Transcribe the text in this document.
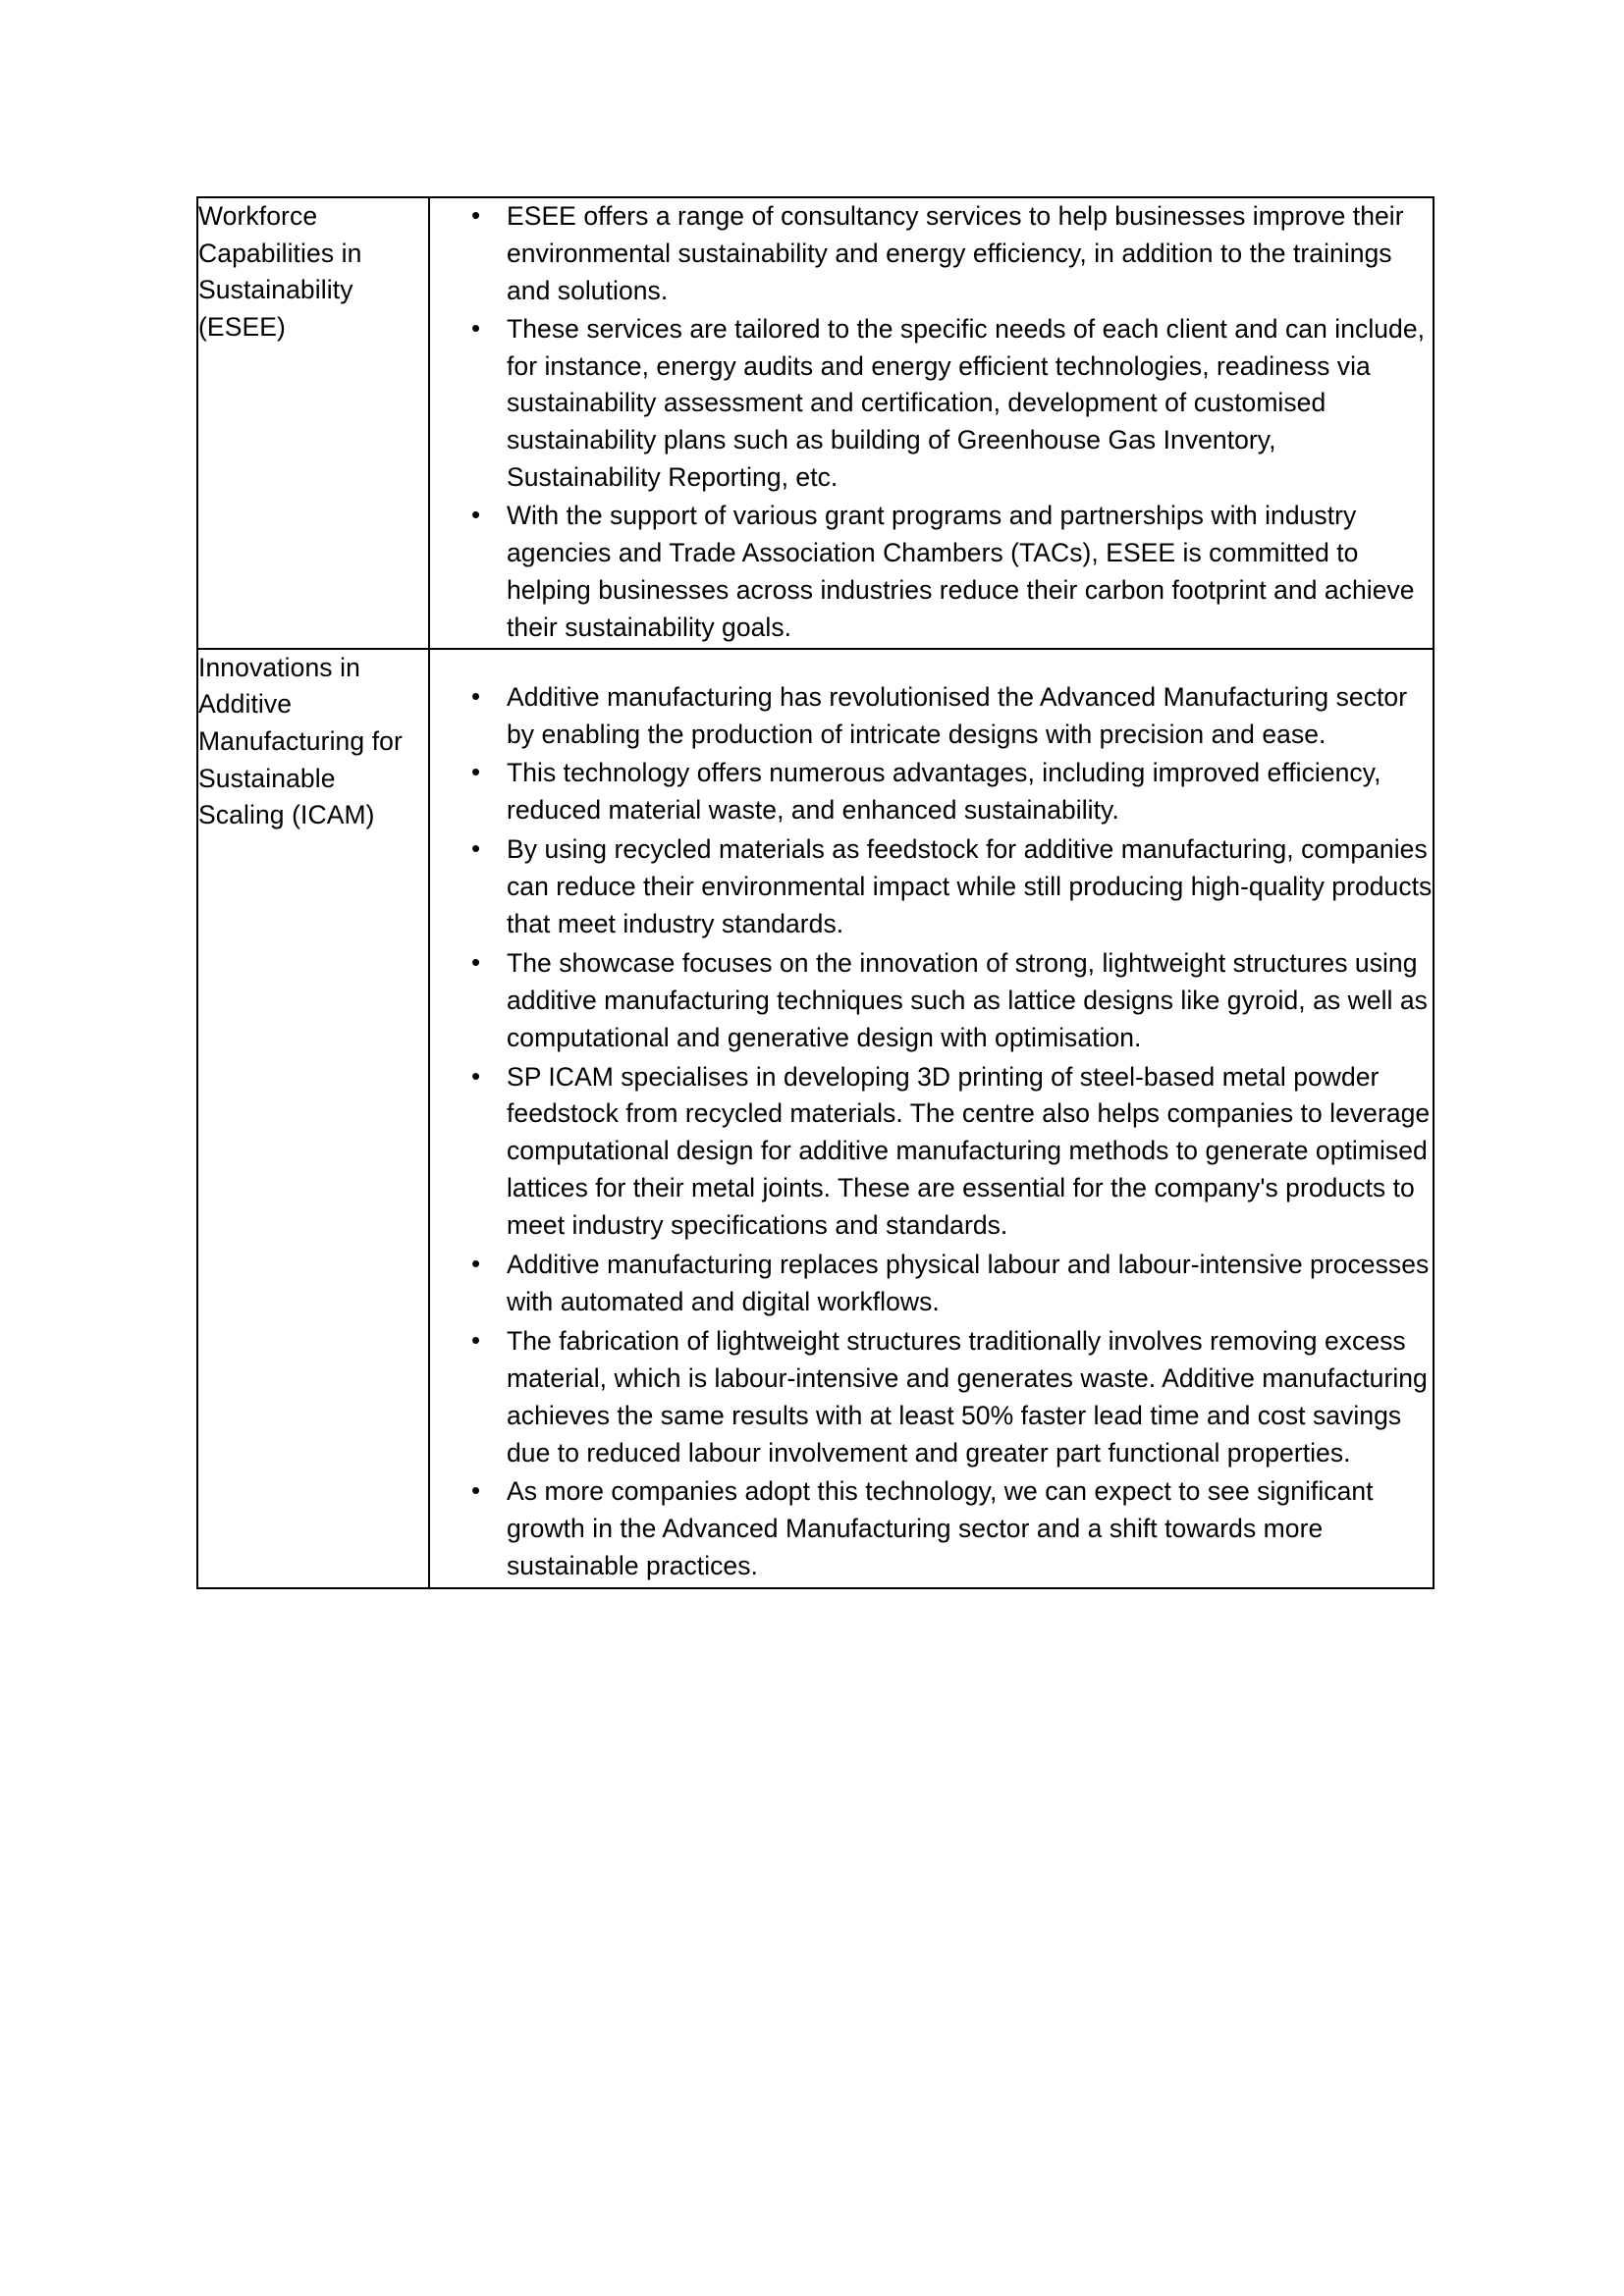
Workforce Capabilities in Sustainability (ESEE)

• ESEE offers a range of consultancy services to help businesses improve their environmental sustainability and energy efficiency, in addition to the trainings and solutions.
• These services are tailored to the specific needs of each client and can include, for instance, energy audits and energy efficient technologies, readiness via sustainability assessment and certification, development of customised sustainability plans such as building of Greenhouse Gas Inventory, Sustainability Reporting, etc.
• With the support of various grant programs and partnerships with industry agencies and Trade Association Chambers (TACs), ESEE is committed to helping businesses across industries reduce their carbon footprint and achieve their sustainability goals.

Innovations in Additive Manufacturing for Sustainable Scaling (ICAM)

• Additive manufacturing has revolutionised the Advanced Manufacturing sector by enabling the production of intricate designs with precision and ease.
• This technology offers numerous advantages, including improved efficiency, reduced material waste, and enhanced sustainability.
• By using recycled materials as feedstock for additive manufacturing, companies can reduce their environmental impact while still producing high-quality products that meet industry standards.
• The showcase focuses on the innovation of strong, lightweight structures using additive manufacturing techniques such as lattice designs like gyroid, as well as computational and generative design with optimisation.
• SP ICAM specialises in developing 3D printing of steel-based metal powder feedstock from recycled materials. The centre also helps companies to leverage computational design for additive manufacturing methods to generate optimised lattices for their metal joints. These are essential for the company's products to meet industry specifications and standards.
• Additive manufacturing replaces physical labour and labour-intensive processes with automated and digital workflows.
• The fabrication of lightweight structures traditionally involves removing excess material, which is labour-intensive and generates waste. Additive manufacturing achieves the same results with at least 50% faster lead time and cost savings due to reduced labour involvement and greater part functional properties.
• As more companies adopt this technology, we can expect to see significant growth in the Advanced Manufacturing sector and a shift towards more sustainable practices.
